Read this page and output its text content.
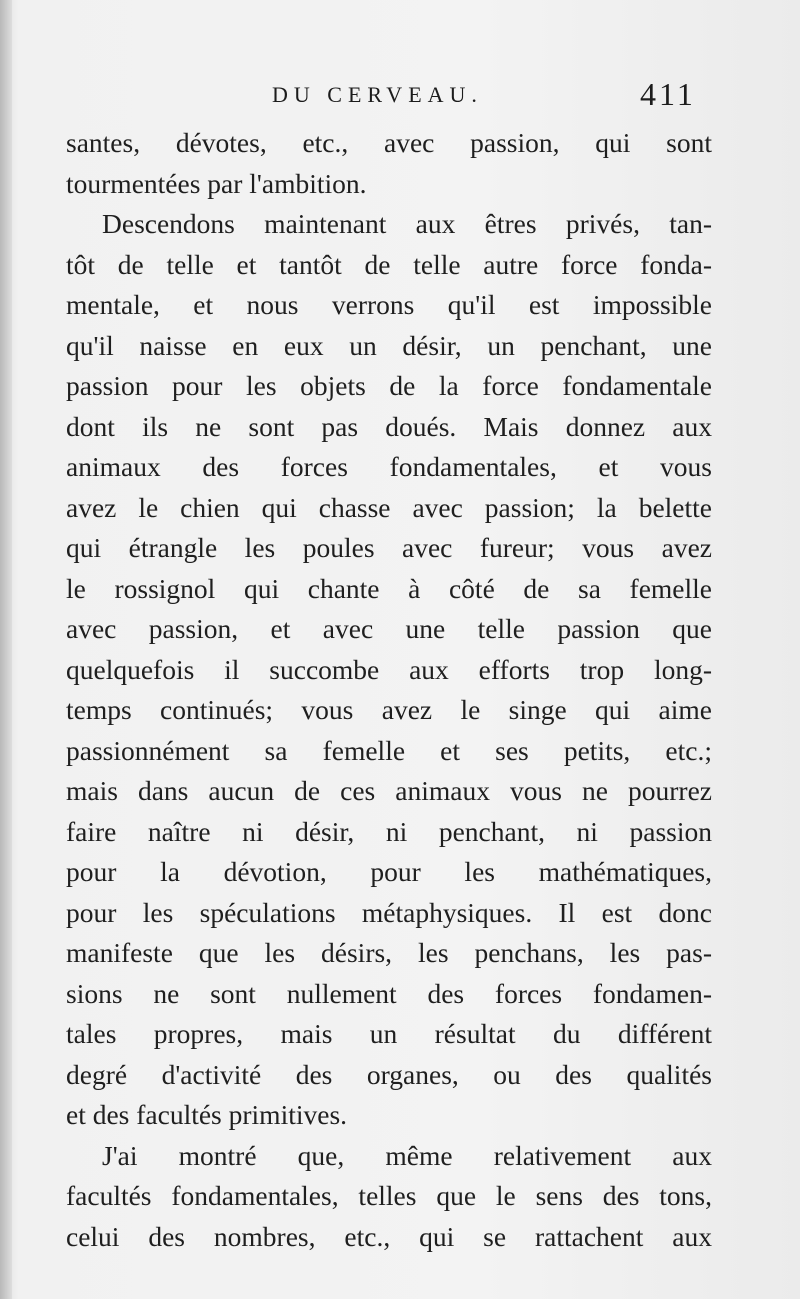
DU CERVEAU.	411
santes, dévotes, etc., avec passion, qui sont
tourmentées par l'ambition.
Descendons maintenant aux êtres privés, tan-
tôt de telle et tantôt de telle autre force fonda-
mentale, et nous verrons qu'il est impossible
qu'il naisse en eux un désir, un penchant, une
passion pour les objets de la force fondamentale
dont ils ne sont pas doués. Mais donnez aux
animaux des forces fondamentales, et vous
avez le chien qui chasse avec passion; la belette
qui étrangle les poules avec fureur; vous avez
le rossignol qui chante à côté de sa femelle
avec passion, et avec une telle passion que
quelquefois il succombe aux efforts trop long-
temps continués; vous avez le singe qui aime
passionnément sa femelle et ses petits, etc.;
mais dans aucun de ces animaux vous ne pourrez
faire naître ni désir, ni penchant, ni passion
pour la dévotion, pour les mathématiques,
pour les spéculations métaphysiques. Il est donc
manifeste que les désirs, les penchans, les pas-
sions ne sont nullement des forces fondamen-
tales propres, mais un résultat du différent
degré d'activité des organes, ou des qualités
et des facultés primitives.
J'ai montré que, même relativement aux
facultés fondamentales, telles que le sens des tons,
celui des nombres, etc., qui se rattachent aux
